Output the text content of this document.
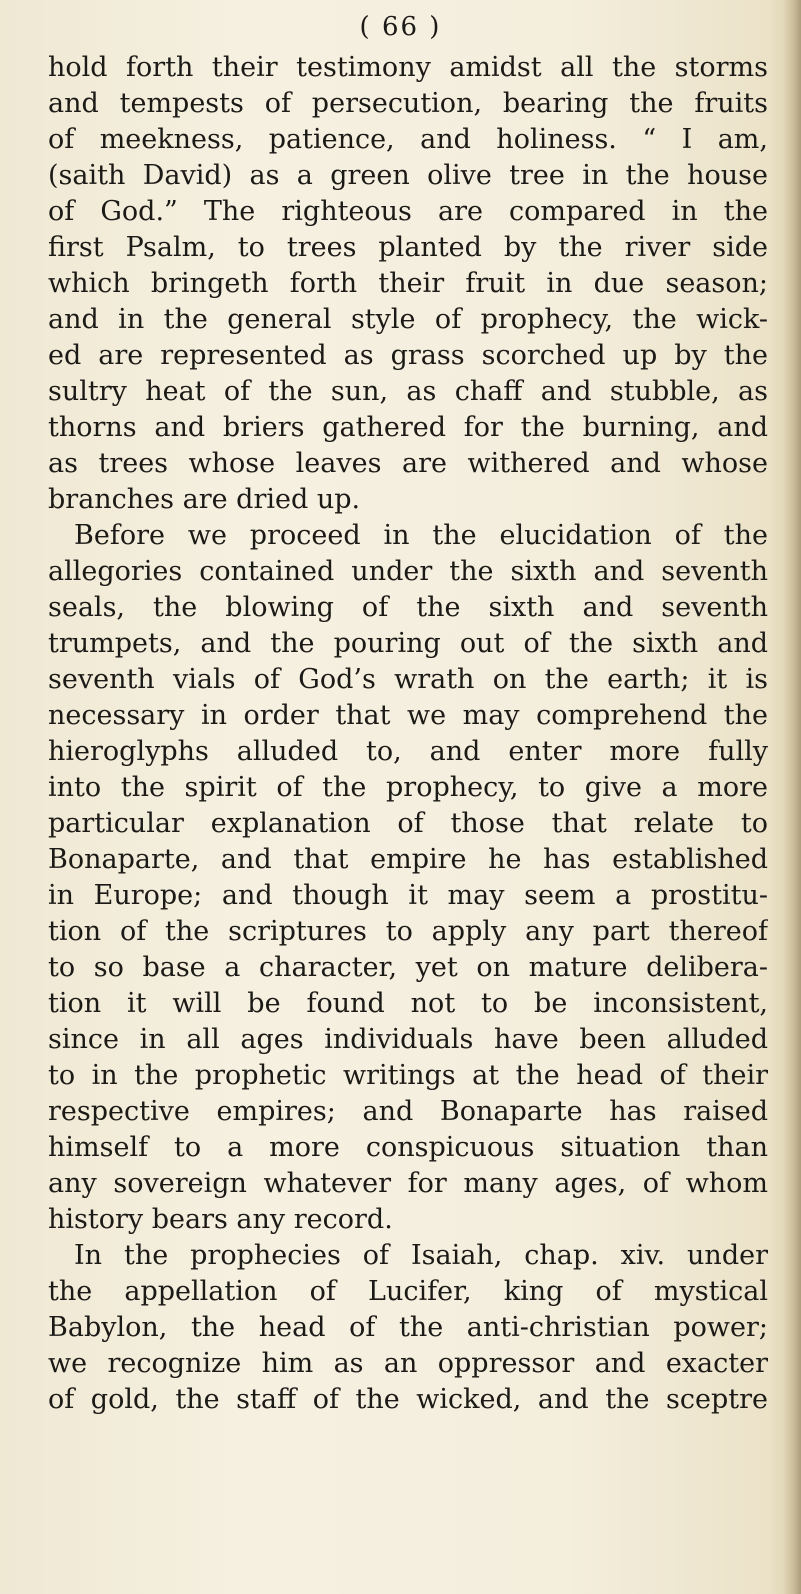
( 66 )
hold forth their testimony amidst all the storms
and tempests of persecution, bearing the fruits
of meekness, patience, and holiness. “ I am,
(saith David) as a green olive tree in the house
of God.” The righteous are compared in the
first Psalm, to trees planted by the river side
which bringeth forth their fruit in due season;
and in the general style of prophecy, the wick-
ed are represented as grass scorched up by the
sultry heat of the sun, as chaff and stubble, as
thorns and briers gathered for the burning, and
as trees whose leaves are withered and whose
branches are dried up.
Before we proceed in the elucidation of the
allegories contained under the sixth and seventh
seals, the blowing of the sixth and seventh
trumpets, and the pouring out of the sixth and
seventh vials of God’s wrath on the earth; it is
necessary in order that we may comprehend the
hieroglyphs alluded to, and enter more fully
into the spirit of the prophecy, to give a more
particular explanation of those that relate to
Bonaparte, and that empire he has established
in Europe; and though it may seem a prostitu-
tion of the scriptures to apply any part thereof
to so base a character, yet on mature delibera-
tion it will be found not to be inconsistent,
since in all ages individuals have been alluded
to in the prophetic writings at the head of their
respective empires; and Bonaparte has raised
himself to a more conspicuous situation than
any sovereign whatever for many ages, of whom
history bears any record.
In the prophecies of Isaiah, chap. xiv. under
the appellation of Lucifer, king of mystical
Babylon, the head of the anti-christian power;
we recognize him as an oppressor and exacter
of gold, the staff of the wicked, and the sceptre
